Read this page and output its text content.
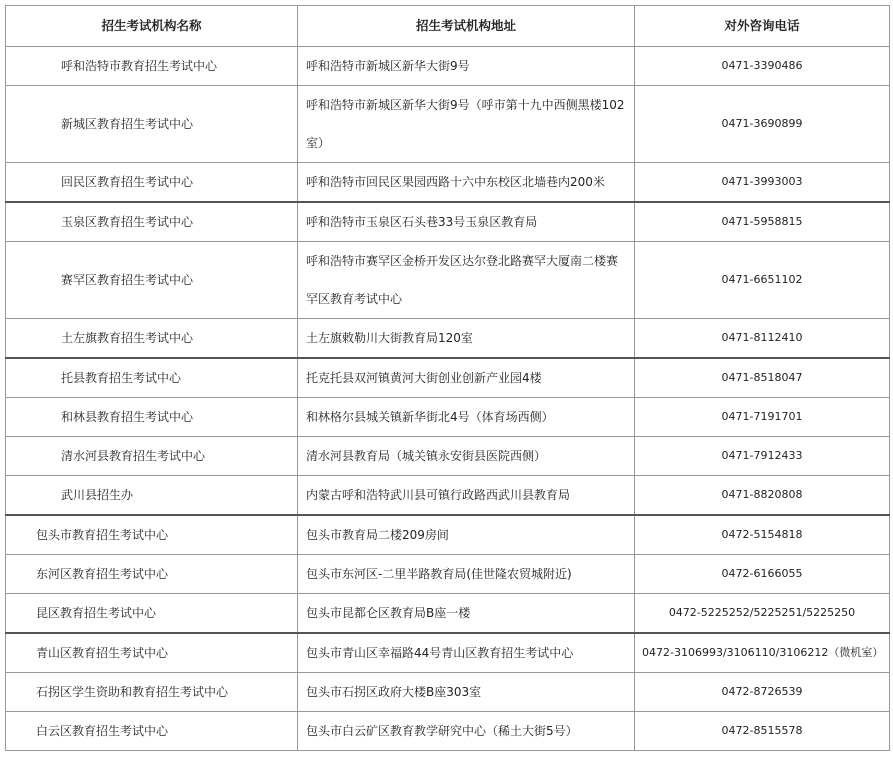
招生考试机构名称	招生考试机构地址	对外咨询电话
呼和浩特市教育招生考试中心	呼和浩特市新城区新华大街9号	0471-3390486
新城区教育招生考试中心	呼和浩特市新城区新华大街9号（呼市第十九中西侧黑楼102室）	0471-3690899
回民区教育招生考试中心	呼和浩特市回民区果园西路十六中东校区北墙巷内200米	0471-3993003
玉泉区教育招生考试中心	呼和浩特市玉泉区石头巷33号玉泉区教育局	0471-5958815
赛罕区教育招生考试中心	呼和浩特市赛罕区金桥开发区达尔登北路赛罕大厦南二楼赛罕区教育考试中心	0471-6651102
土左旗教育招生考试中心	土左旗敕勒川大街教育局120室	0471-8112410
托县教育招生考试中心	托克托县双河镇黄河大街创业创新产业园4楼	0471-8518047
和林县教育招生考试中心	和林格尔县城关镇新华街北4号（体育场西侧）	0471-7191701
清水河县教育招生考试中心	清水河县教育局（城关镇永安街县医院西侧）	0471-7912433
武川县招生办	内蒙古呼和浩特武川县可镇行政路西武川县教育局	0471-8820808
包头市教育招生考试中心	包头市教育局二楼209房间	0472-5154818
东河区教育招生考试中心	包头市东河区-二里半路教育局(佳世隆农贸城附近)	0472-6166055
昆区教育招生考试中心	包头市昆都仑区教育局B座一楼	0472-5225252/5225251/5225250
青山区教育招生考试中心	包头市青山区幸福路44号青山区教育招生考试中心	0472-3106993/3106110/3106212（微机室）
石拐区学生资助和教育招生考试中心	包头市石拐区政府大楼B座303室	0472-8726539
白云区教育招生考试中心	包头市白云矿区教育教学研究中心（稀土大街5号）	0472-8515578
